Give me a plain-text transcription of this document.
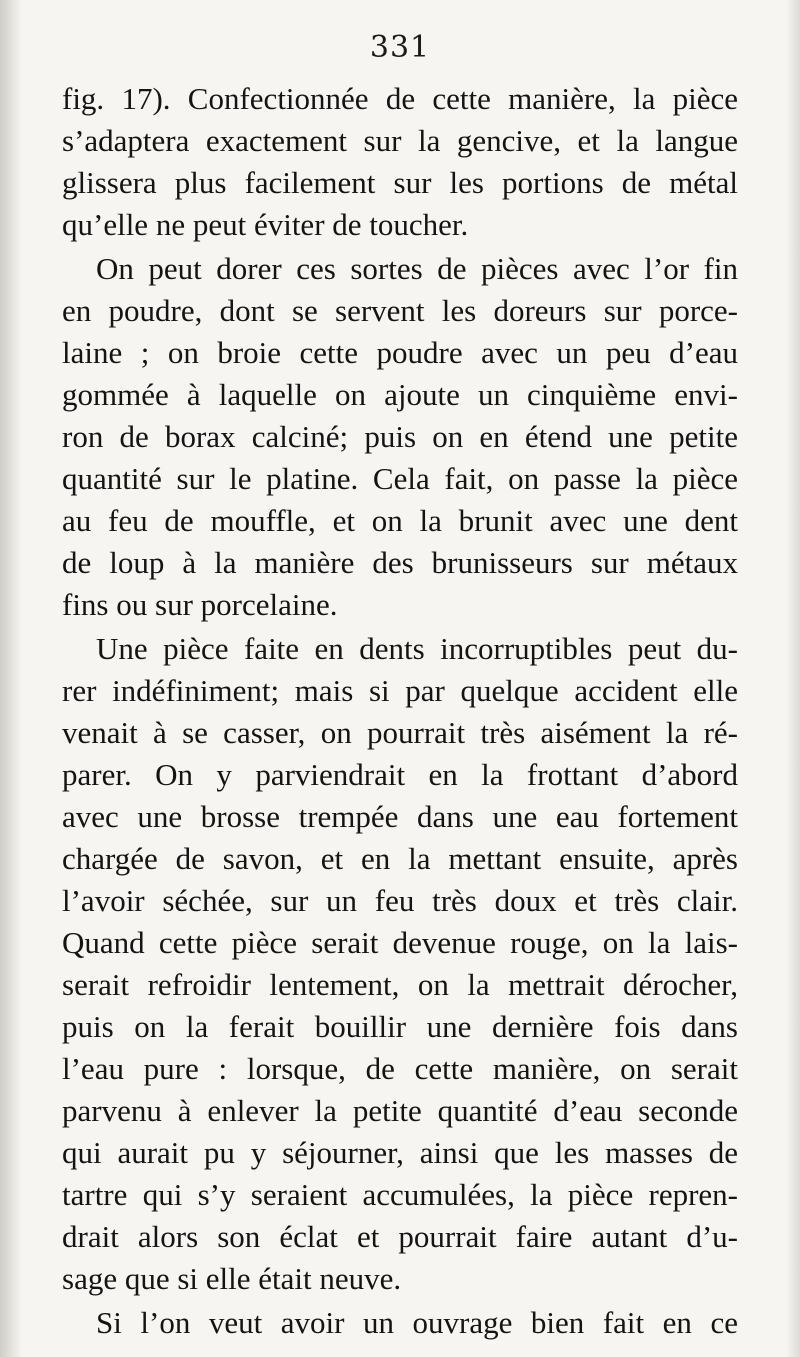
331
fig. 17). Confectionnée de cette manière, la pièce
s’adaptera exactement sur la gencive, et la langue
glissera plus facilement sur les portions de métal
qu’elle ne peut éviter de toucher.
On peut dorer ces sortes de pièces avec l’or fin
en poudre, dont se servent les doreurs sur porce-
laine ; on broie cette poudre avec un peu d’eau
gommée à laquelle on ajoute un cinquième envi-
ron de borax calciné; puis on en étend une petite
quantité sur le platine. Cela fait, on passe la pièce
au feu de mouffle, et on la brunit avec une dent
de loup à la manière des brunisseurs sur métaux
fins ou sur porcelaine.
Une pièce faite en dents incorruptibles peut du-
rer indéfiniment; mais si par quelque accident elle
venait à se casser, on pourrait très aisément la ré-
parer. On y parviendrait en la frottant d’abord
avec une brosse trempée dans une eau fortement
chargée de savon, et en la mettant ensuite, après
l’avoir séchée, sur un feu très doux et très clair.
Quand cette pièce serait devenue rouge, on la lais-
serait refroidir lentement, on la mettrait dérocher,
puis on la ferait bouillir une dernière fois dans
l’eau pure : lorsque, de cette manière, on serait
parvenu à enlever la petite quantité d’eau seconde
qui aurait pu y séjourner, ainsi que les masses de
tartre qui s’y seraient accumulées, la pièce repren-
drait alors son éclat et pourrait faire autant d’u-
sage que si elle était neuve.
Si l’on veut avoir un ouvrage bien fait en ce
